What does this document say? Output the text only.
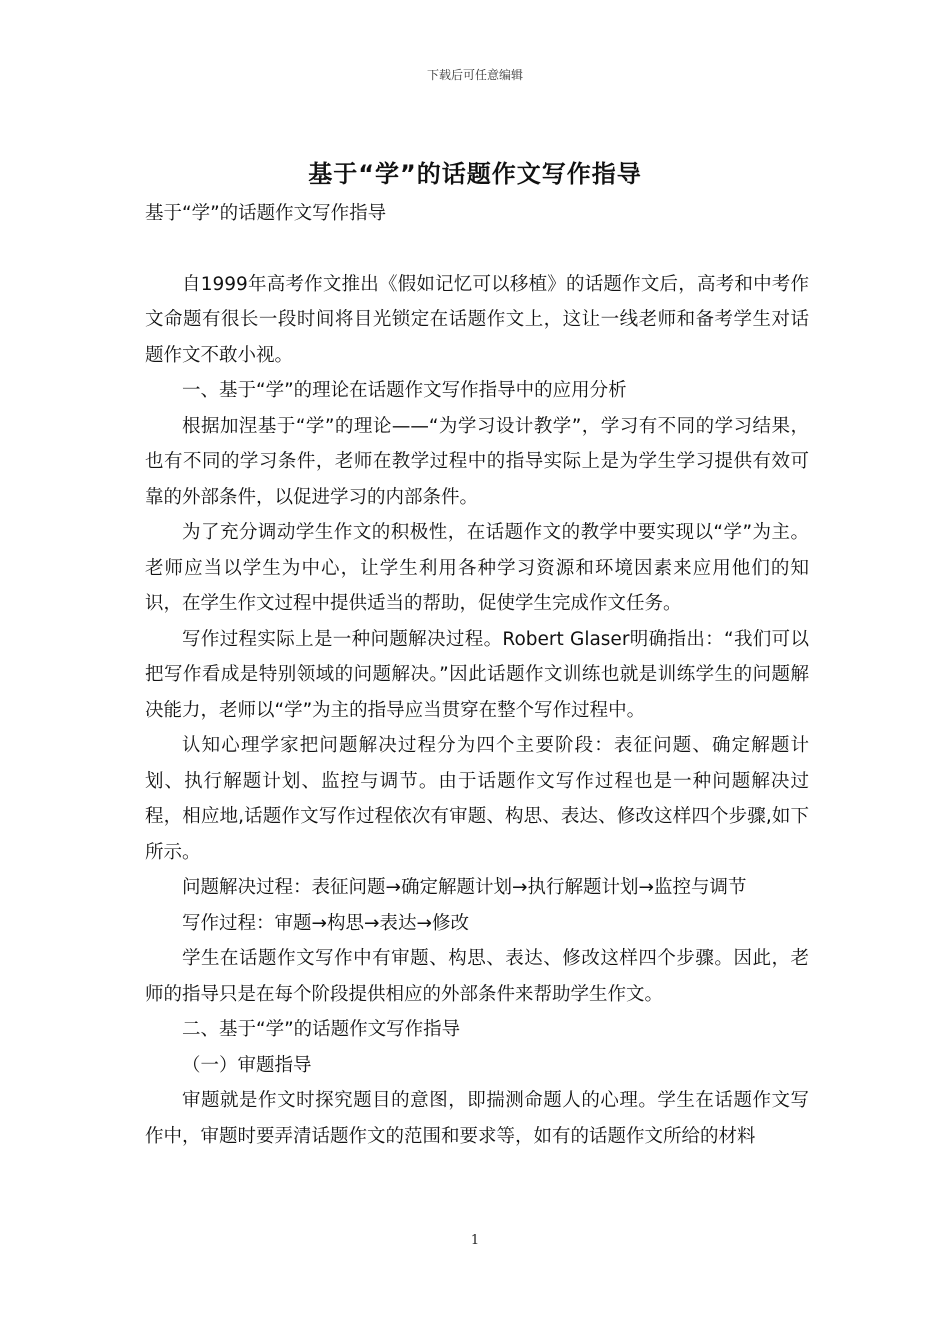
下载后可任意编辑
基于“学”的话题作文写作指导

基于“学”的话题作文写作指导

自1999年高考作文推出《假如记忆可以移植》的话题作文后，高考和中考作文命题有很长一段时间将目光锁定在话题作文上，这让一线老师和备考学生对话题作文不敢小视。

一、基于“学”的理论在话题作文写作指导中的应用分析

根据加涅基于“学”的理论——“为学习设计教学”，学习有不同的学习结果，也有不同的学习条件，老师在教学过程中的指导实际上是为学生学习提供有效可靠的外部条件，以促进学习的内部条件。

为了充分调动学生作文的积极性，在话题作文的教学中要实现以“学”为主。老师应当以学生为中心，让学生利用各种学习资源和环境因素来应用他们的知识，在学生作文过程中提供适当的帮助，促使学生完成作文任务。

写作过程实际上是一种问题解决过程。Robert Glaser明确指出：“我们可以把写作看成是特别领域的问题解决。”因此话题作文训练也就是训练学生的问题解决能力，老师以“学”为主的指导应当贯穿在整个写作过程中。

认知心理学家把问题解决过程分为四个主要阶段：表征问题、确定解题计划、执行解题计划、监控与调节。由于话题作文写作过程也是一种问题解决过程，相应地,话题作文写作过程依次有审题、构思、表达、修改这样四个步骤,如下所示。

问题解决过程：表征问题→确定解题计划→执行解题计划→监控与调节

写作过程：审题→构思→表达→修改

学生在话题作文写作中有审题、构思、表达、修改这样四个步骤。因此，老师的指导只是在每个阶段提供相应的外部条件来帮助学生作文。

二、基于“学”的话题作文写作指导

（一）审题指导

审题就是作文时探究题目的意图，即揣测命题人的心理。学生在话题作文写作中，审题时要弄清话题作文的范围和要求等，如有的话题作文所给的材料

1
